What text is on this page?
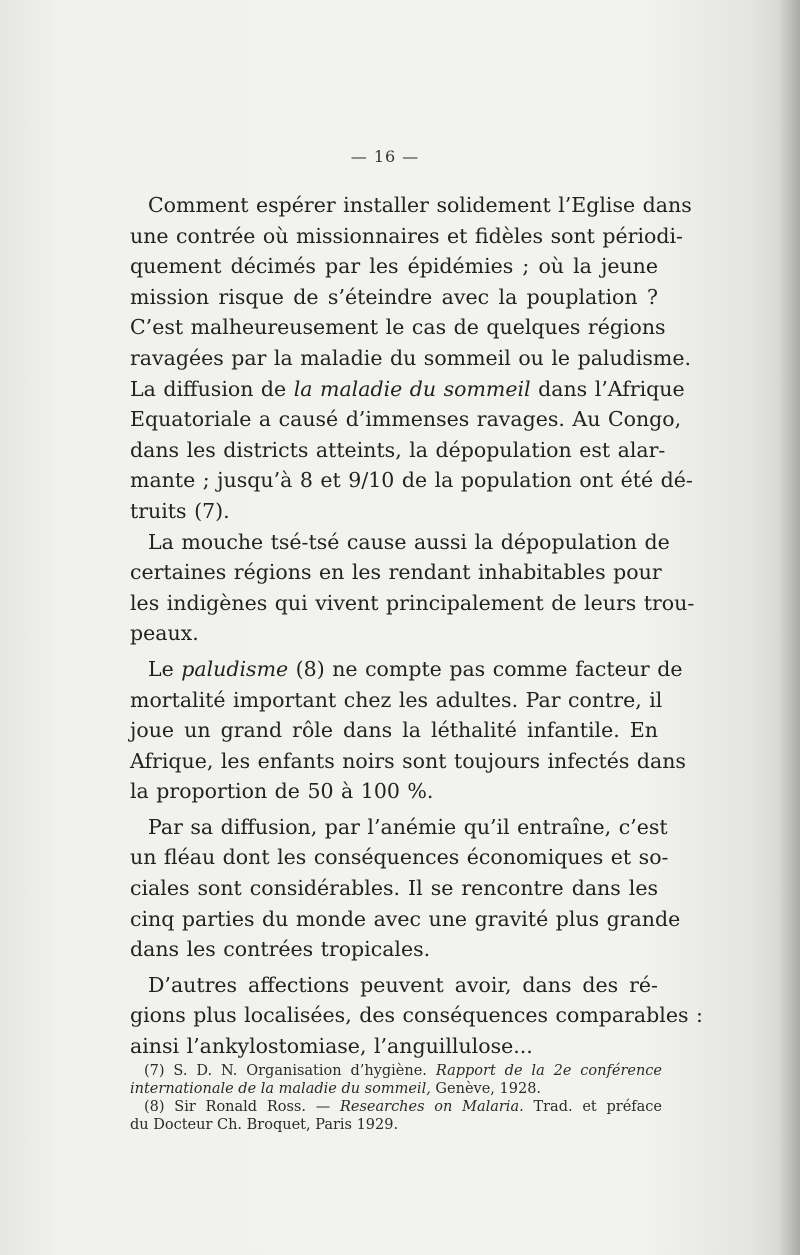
— 16 —
Comment espérer installer solidement l’Eglise dans
une contrée où missionnaires et fidèles sont périodi-
quement décimés par les épidémies ; où la jeune
mission risque de s’éteindre avec la pouplation ?
C’est malheureusement le cas de quelques régions
ravagées par la maladie du sommeil ou le paludisme.
La diffusion de la maladie du sommeil dans l’Afrique
Equatoriale a causé d’immenses ravages. Au Congo,
dans les districts atteints, la dépopulation est alar-
mante ; jusqu’à 8 et 9/10 de la population ont été dé-
truits (7).
La mouche tsé-tsé cause aussi la dépopulation de
certaines régions en les rendant inhabitables pour
les indigènes qui vivent principalement de leurs trou-
peaux.
Le paludisme (8) ne compte pas comme facteur de
mortalité important chez les adultes. Par contre, il
joue un grand rôle dans la léthalité infantile. En
Afrique, les enfants noirs sont toujours infectés dans
la proportion de 50 à 100 %.
Par sa diffusion, par l’anémie qu’il entraîne, c’est
un fléau dont les conséquences économiques et so-
ciales sont considérables. Il se rencontre dans les
cinq parties du monde avec une gravité plus grande
dans les contrées tropicales.
D’autres affections peuvent avoir, dans des ré-
gions plus localisées, des conséquences comparables :
ainsi l’ankylostomiase, l’anguillulose...
(7) S. D. N. Organisation d’hygiène. Rapport de la 2e conférence
internationale de la maladie du sommeil, Genève, 1928.
(8) Sir Ronald Ross. — Researches on Malaria. Trad. et préface
du Docteur Ch. Broquet, Paris 1929.
